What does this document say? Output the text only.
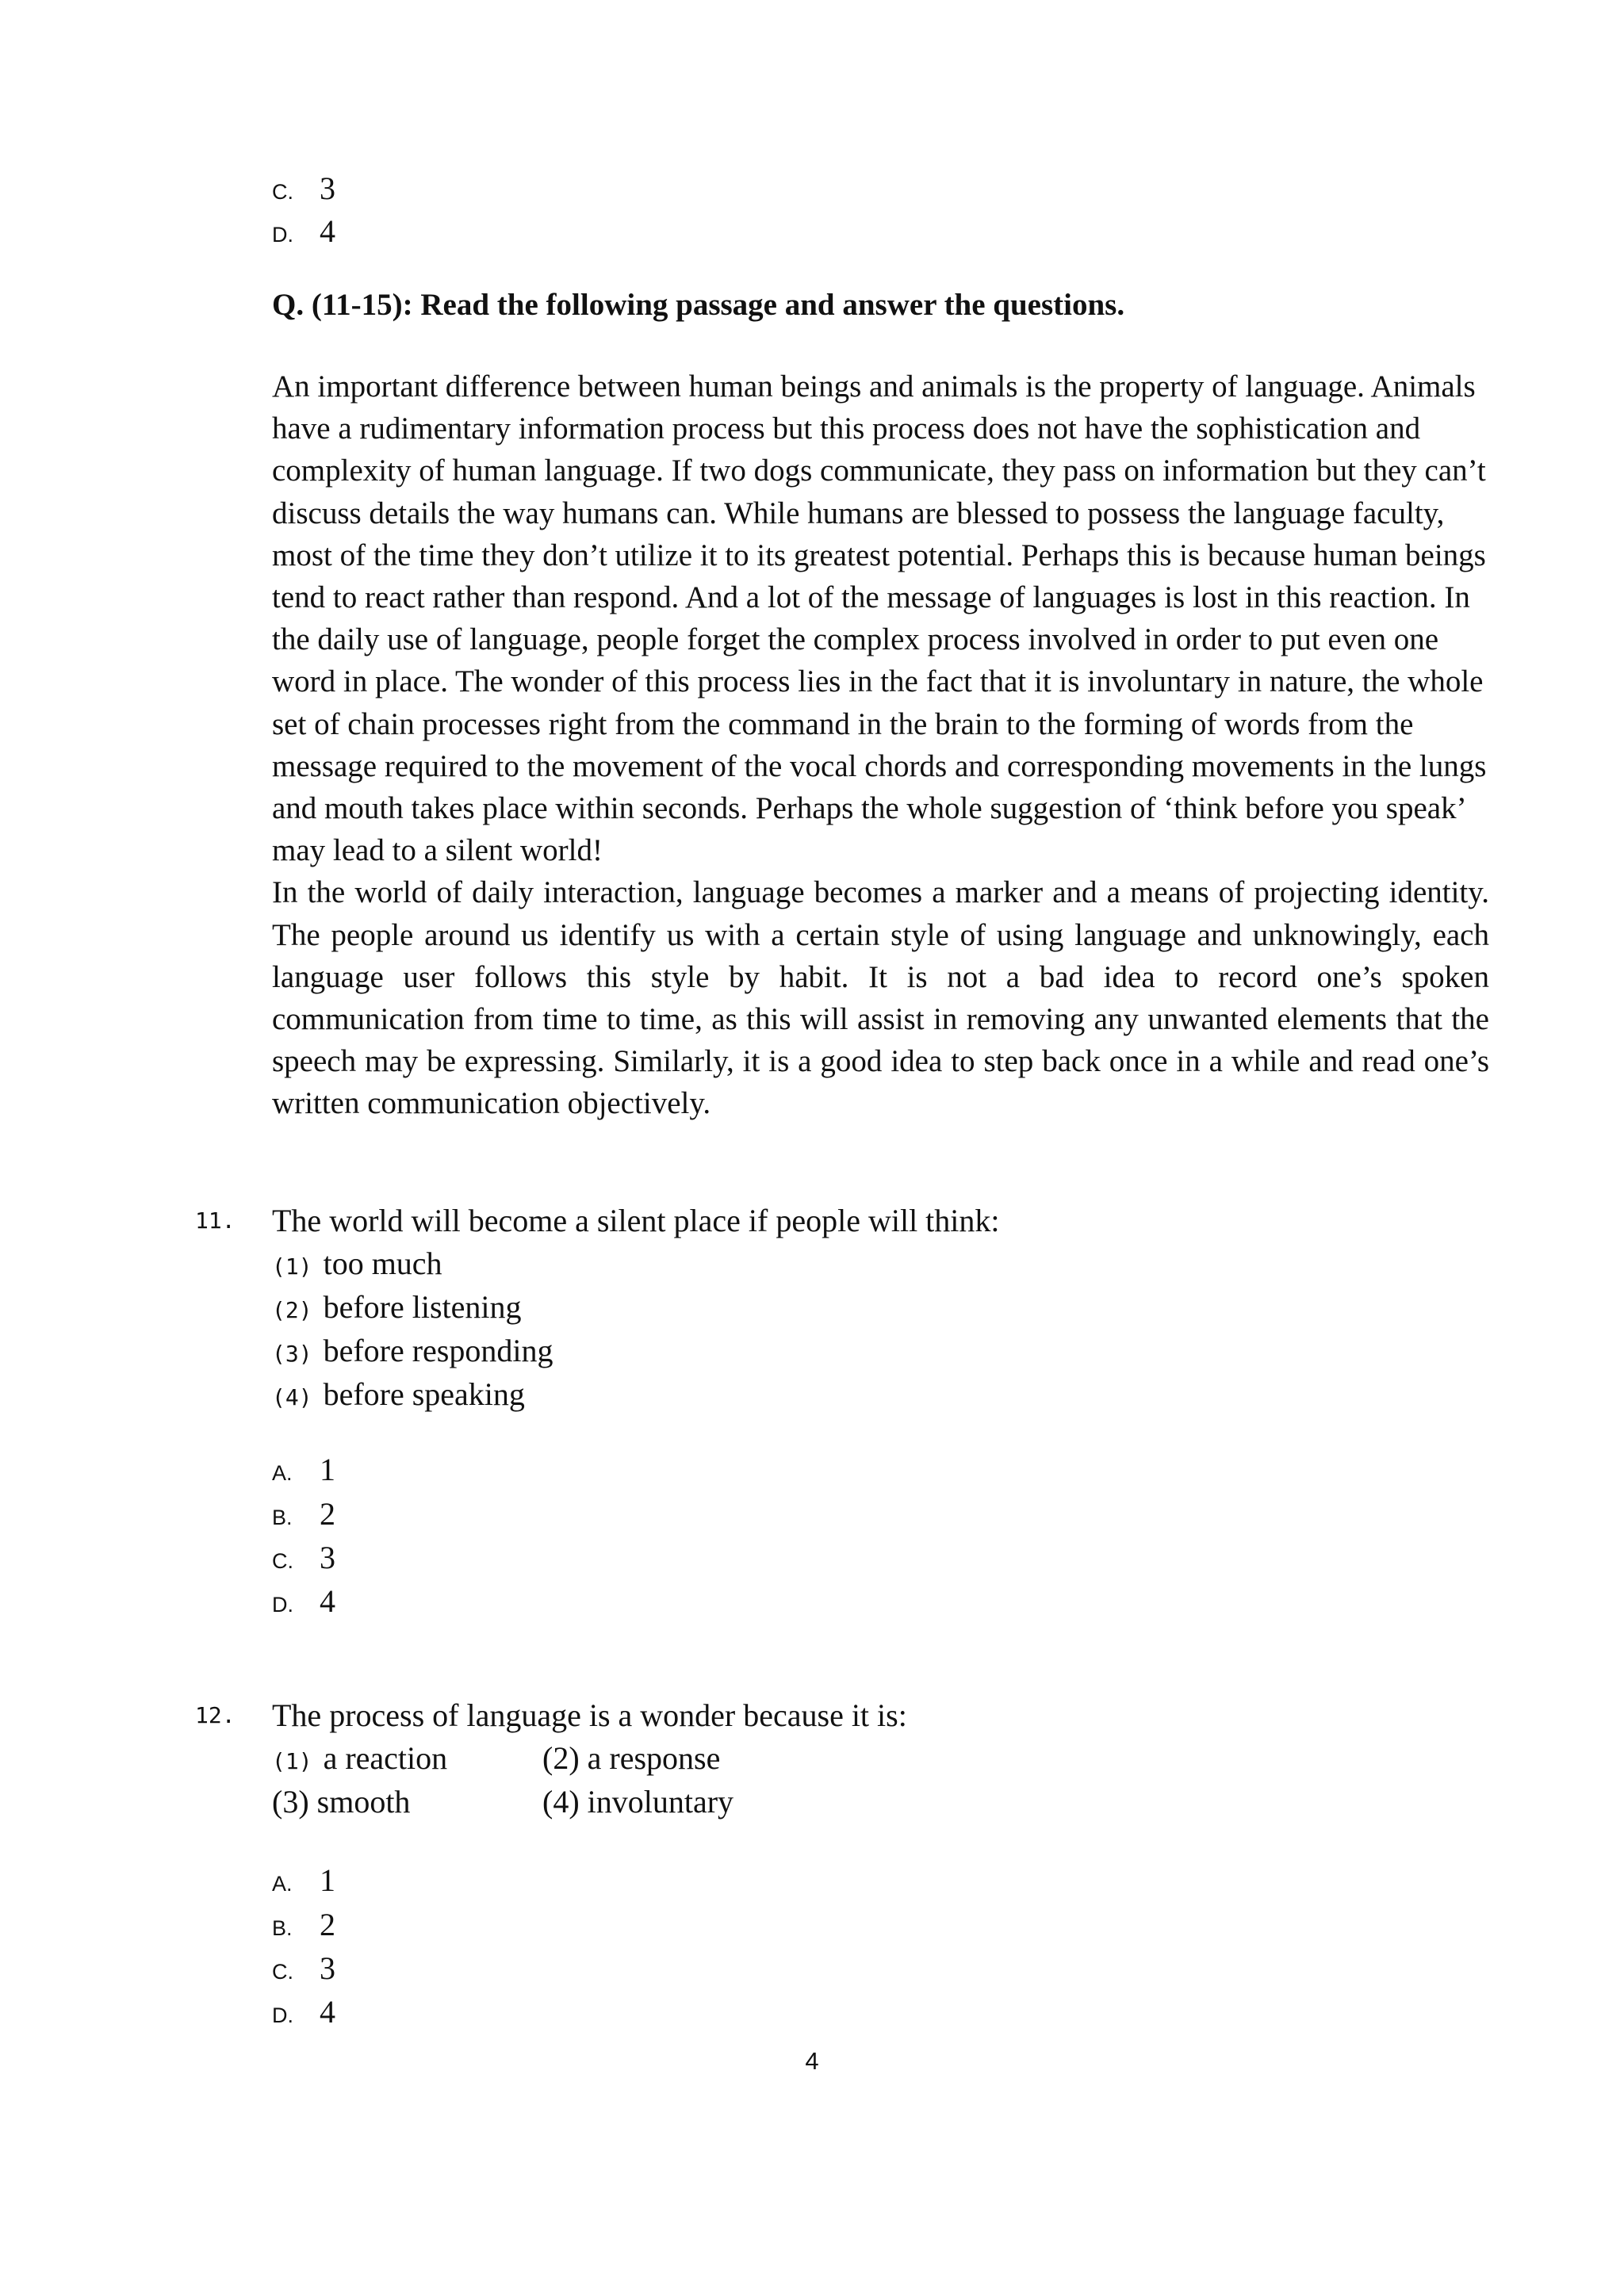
C. 3
D. 4
Q. (11-15): Read the following passage and answer the questions.

An important difference between human beings and animals is the property of language. Animals have a rudimentary information process but this process does not have the sophistication and complexity of human language. If two dogs communicate, they pass on information but they can’t discuss details the way humans can. While humans are blessed to possess the language faculty, most of the time they don’t utilize it to its greatest potential. Perhaps this is because human beings tend to react rather than respond. And a lot of the message of languages is lost in this reaction. In the daily use of language, people forget the complex process involved in order to put even one word in place. The wonder of this process lies in the fact that it is involuntary in nature, the whole set of chain processes right from the command in the brain to the forming of words from the message required to the movement of the vocal chords and corresponding movements in the lungs and mouth takes place within seconds. Perhaps the whole suggestion of ‘think before you speak’ may lead to a silent world!

In the world of daily interaction, language becomes a marker and a means of projecting identity. The people around us identify us with a certain style of using language and unknowingly, each language user follows this style by habit. It is not a bad idea to record one’s spoken communication from time to time, as this will assist in removing any unwanted elements that the speech may be expressing. Similarly, it is a good idea to step back once in a while and read one’s written communication objectively.

11. The world will become a silent place if people will think:
(1) too much
(2) before listening
(3) before responding
(4) before speaking
A. 1
B. 2
C. 3
D. 4
12. The process of language is a wonder because it is:
(1) a reaction	(2) a response
(3) smooth	(4) involuntary
A. 1
B. 2
C. 3
D. 4
4
